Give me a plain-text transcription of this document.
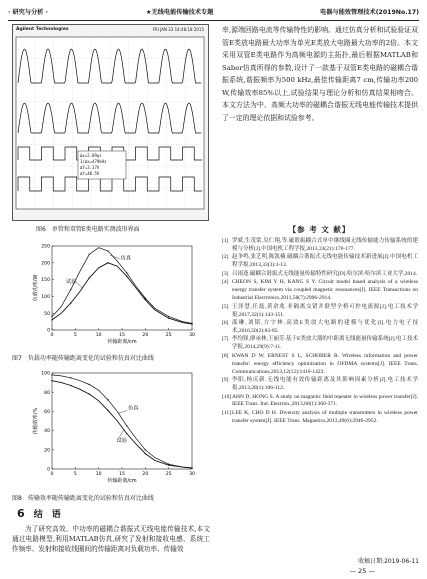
· 研究与分析 ·	★无线电能传输技术专题	电器与能效管理技术(2019No.17)
Agilent Technologies	FRI JAN 23 14:48:18 2015
Δx=2.09μs
1/Δx=479kHz
ΔY=3.37V
ΔY=48.5V
图6　单管和双管E类电路实测波形界面
0	5	10	15	20	25	30
0
50
100
150
200
250
传输距离/cm
负载功率/W
仿真
试验
图7　负载功率随传输距离变化的试验和仿真对比曲线
0	5	10	15	20	25	30
0
20
40
60
80
100
传输距离/cm
传输效率/%	仿真
试验
图8　传输效率随传输距离变化的试验和仿真对比曲线
6 结　语
为了研究高效、中功率的磁耦合谐振式无线电能传输技术,本文通过电路模型,利用MATLAB仿真,研究了发射和接收电感、系统工作频率、发射和接收线圈间的传输距离对负载功率、传输效
率,源端回路电流等传输特性的影响。通过仿真分析和试验验证双管E类放电路最大功率为单光E类放大电路最大功率的2倍。本文采用双管E类电路作为高频电源的主拓扑,最后根据MATLAB和Saber仿真所得的参数,设计了一款基于双管E类电路的磁耦合谐振系统,谐振频率为500 kHz,最佳传输距离7 cm,传输功率200 W,传输效率85%以上,试验结果与理论分析和仿真结果相吻合。本文方法为中、高频大功率的磁耦合谐振无线电能传输技术提供了一定的理论依据和试验参考。
【参 考 文 献】
[1] 罗斌,生茂棠,吴仁翔,等.磁谐振耦合式单中继线圈无线传输能力传输系统的建模与分析[J].中国电机工程学报,2013,33(21):170-177.
[2] 赵争鸣,张艺明,陈凯楠.磁耦合谐振式无线电能传输技术新进展[J].中国电机工程学报,2013,33(3):1-13.
[3] 吕雨逢.磁耦合谐振式无线能量传输特性研究[D].哈尔滨:哈尔滨工业大学,2014.
[4] CHEON S, KIM Y H, KANG S Y. Circuit model based analysis of a wireless energy transfer system via coupled magnetic resonances[J]. IEEE Transactions on Industrial Electronics,2011,58(7):2906-2914.
[5] 王泽慧,任磊,黄余兆.非隔离交错并联型全桥可控电流源[J].电工技术学报,2017,32(1):143-151.
[6] 邵琳,刘韬,方宇林.高效E类放大电路的建模与优化[J].电力电子技术,2016,50(2):83-85.
[7] 李均锋,廖承林,王丽芳.基于E类放大器的中距离无线能量传输系统[J].电工技术学报,2014,29(9):7-11.
[8] KWAN D W, ERNEST S L, SCHOBER R. Wireless information and power transfer: energy efficiency optimization in OFDMA systems[J]. IEEE Trans. Communications,2013,12(12):1410-1423.
[9] 李阳,杨庆新.无线电能有效传输距离及其影响因素分析[J].电工技术学报,2013,28(1):106-112.
[10] AHN D, HONG S. A study on magnetic field repeater in wireless power transfer[J]. IEEE Trans. Ind. Electron.,2013,60(1):360-371.
[11] LEE K, CHO D H. Diversity analysis of multiple transmitters in wireless power transfer system[J]. IEEE Trans. Magnetics,2013,49(6):2946-2952.
收稿日期:2019-06-11
— 25 —
